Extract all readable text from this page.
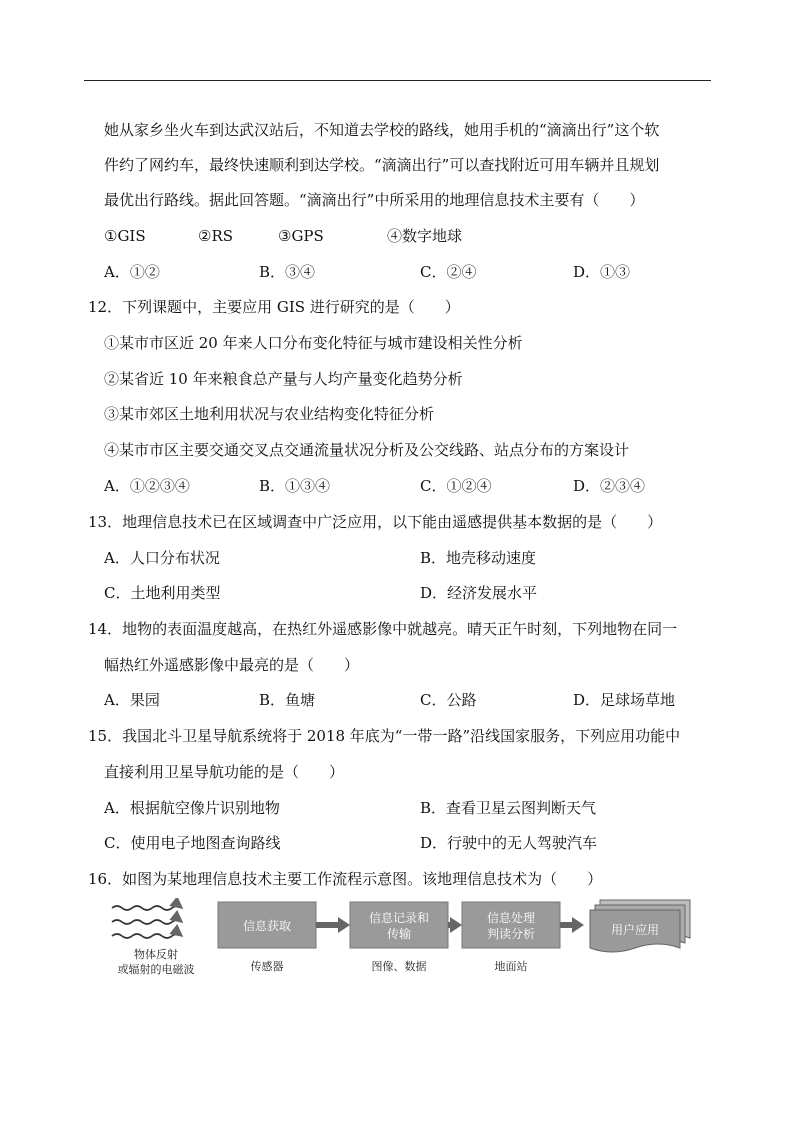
她从家乡坐火车到达武汉站后，不知道去学校的路线，她用手机的“滴滴出行”这个软
件约了网约车，最终快速顺利到达学校。“滴滴出行”可以查找附近可用车辆并且规划
最优出行路线。据此回答题。“滴滴出行”中所采用的地理信息技术主要有（　　）
①GIS	②RS	③GPS	④数字地球
A．①②	B．③④	C．②④	D．①③
12．下列课题中，主要应用 GIS 进行研究的是（　　）
①某市市区近 20 年来人口分布变化特征与城市建设相关性分析
②某省近 10 年来粮食总产量与人均产量变化趋势分析
③某市郊区土地利用状况与农业结构变化特征分析
④某市市区主要交通交叉点交通流量状况分析及公交线路、站点分布的方案设计
A．①②③④	B．①③④	C．①②④	D．②③④
13．地理信息技术已在区域调查中广泛应用，以下能由遥感提供基本数据的是（　　）
A．人口分布状况	B．地壳移动速度
C．土地利用类型	D．经济发展水平
14．地物的表面温度越高，在热红外遥感影像中就越亮。晴天正午时刻，下列地物在同一
幅热红外遥感影像中最亮的是（　　）
A．果园	B．鱼塘	C．公路	D．足球场草地
15．我国北斗卫星导航系统将于 2018 年底为“一带一路”沿线国家服务，下列应用功能中
直接利用卫星导航功能的是（　　）
A．根据航空像片识别地物	B．查看卫星云图判断天气
C．使用电子地图查询路线	D．行驶中的无人驾驶汽车
16．如图为某地理信息技术主要工作流程示意图。该地理信息技术为（　　）
物体反射
或辐射的电磁波
信息获取
传感器
信息记录和
传输
图像、数据
信息处理
判读分析
地面站
用户应用
